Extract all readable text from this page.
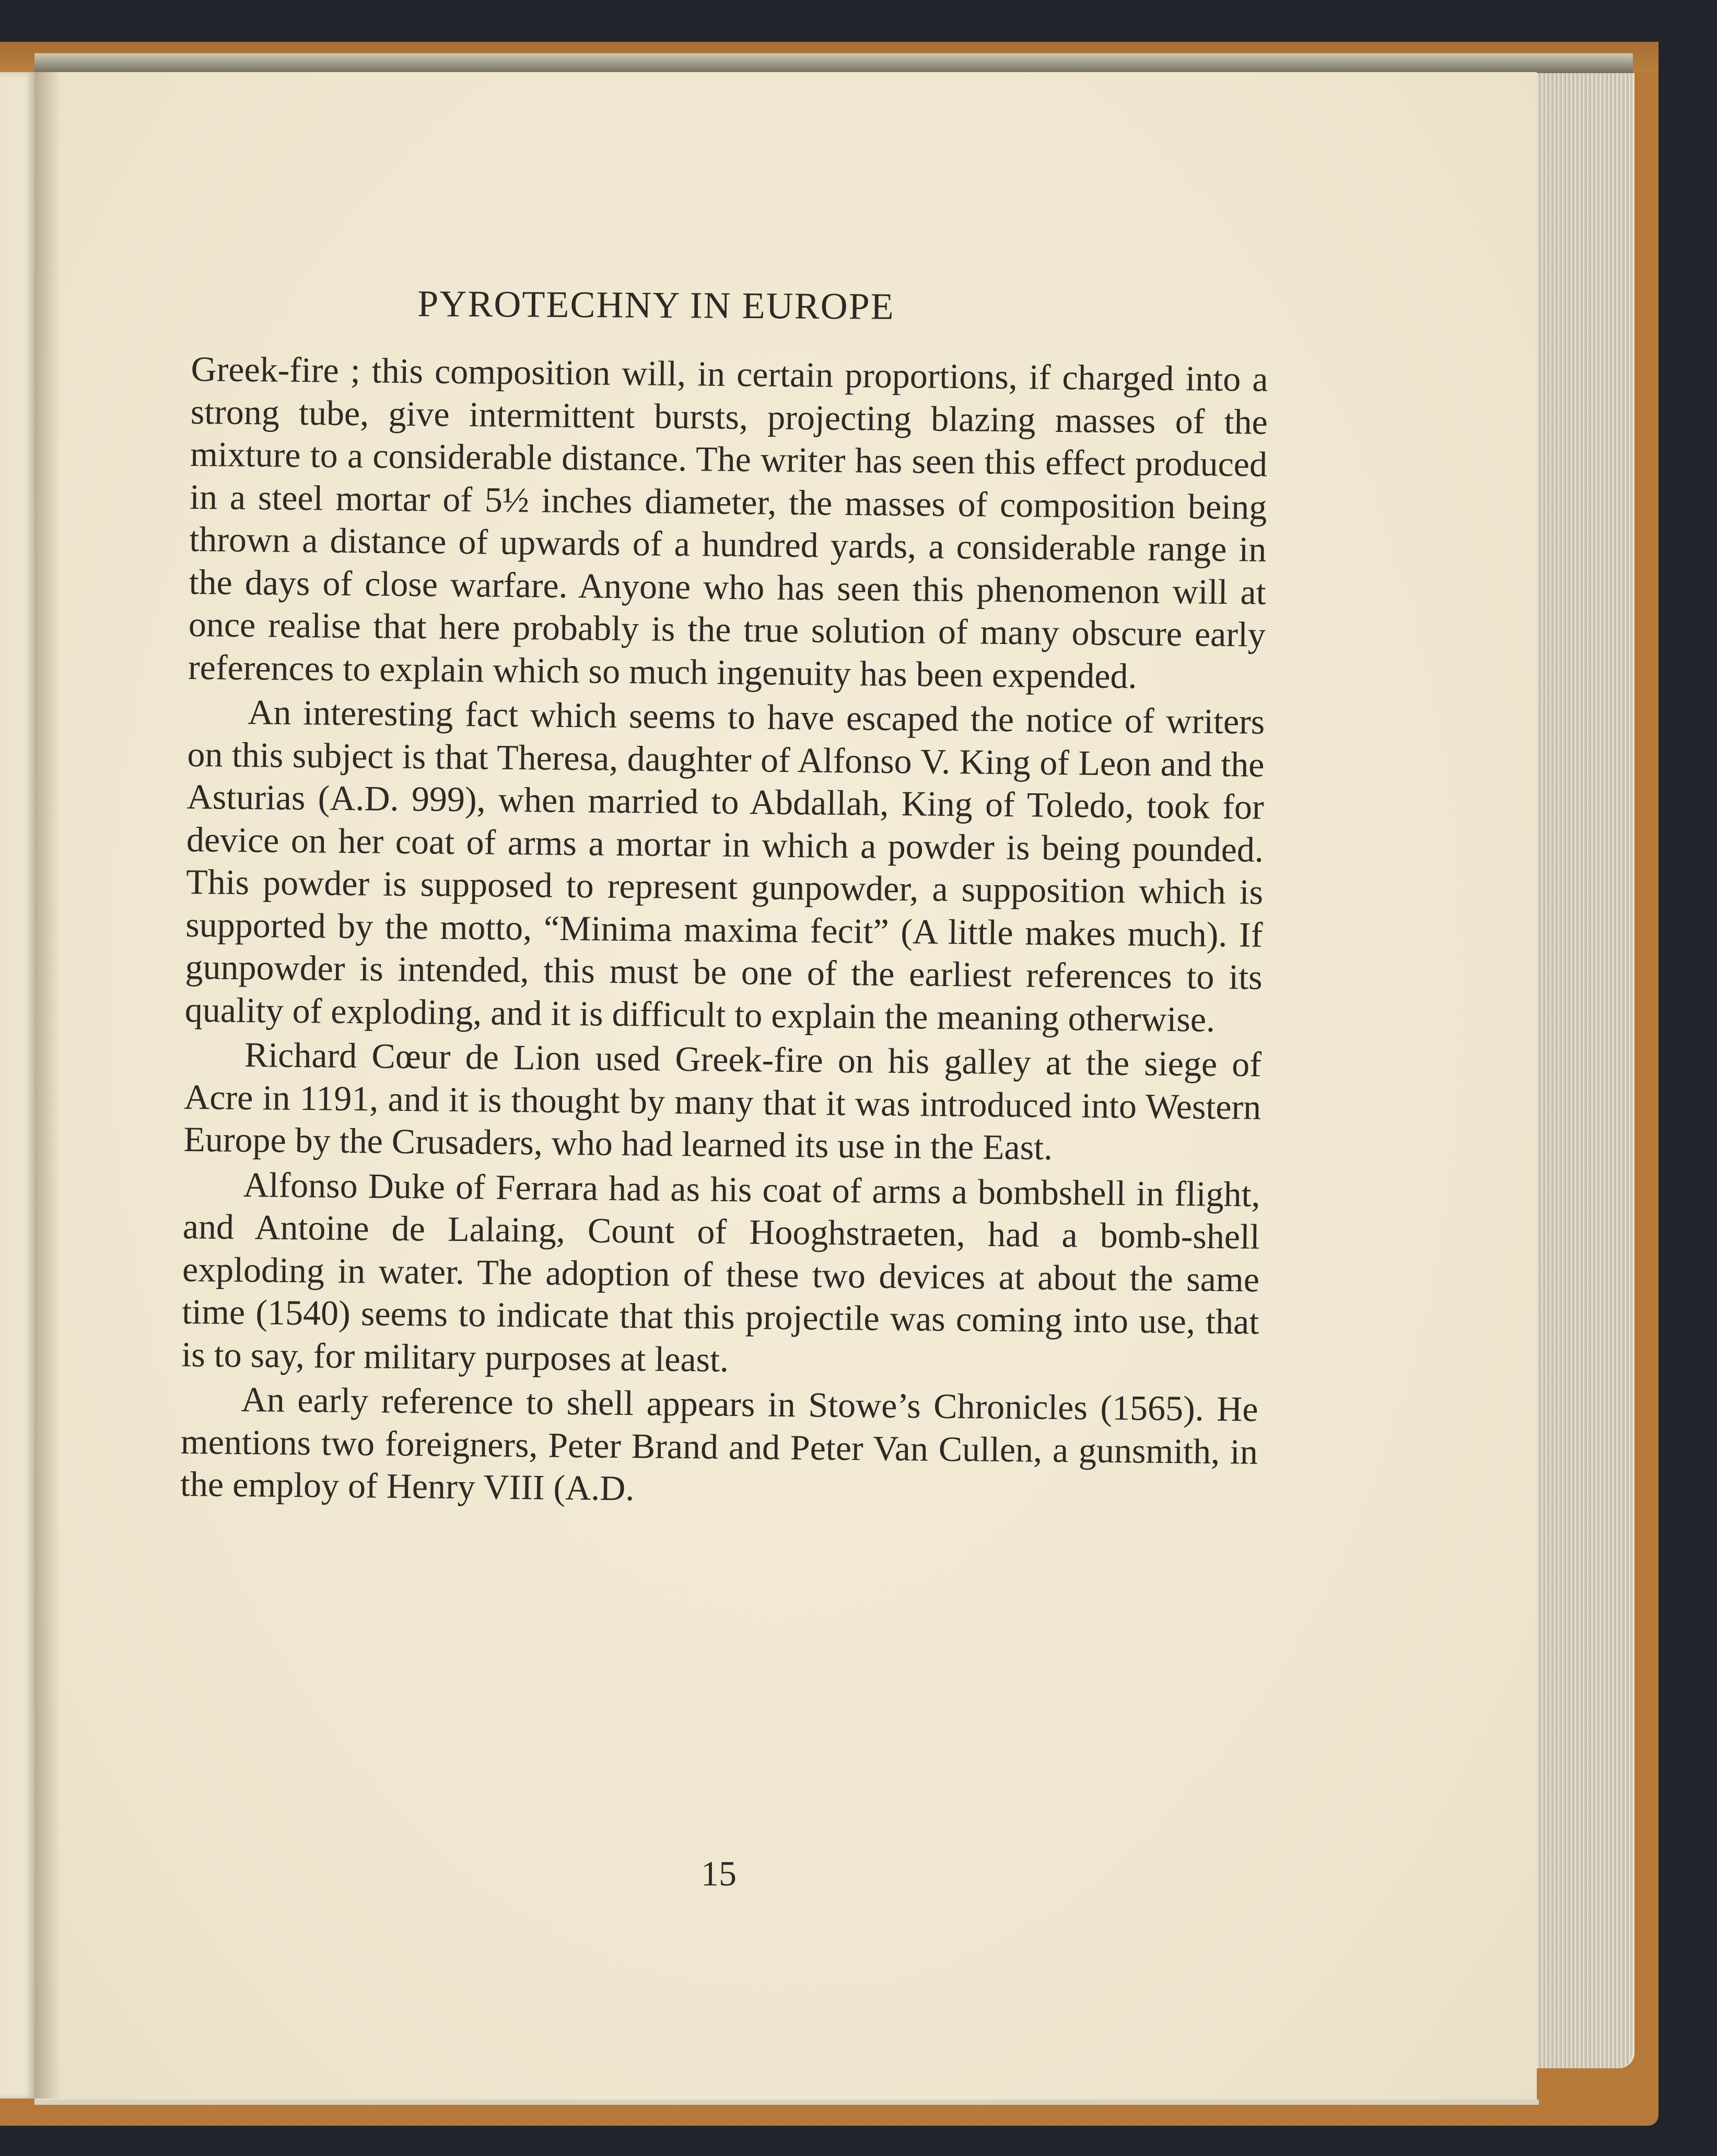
PYROTECHNY IN EUROPE

Greek-fire ; this composition will, in certain proportions, if charged into a strong tube, give intermittent bursts, projecting blazing masses of the mixture to a considerable distance. The writer has seen this effect produced in a steel mortar of 5½ inches diameter, the masses of composition being thrown a distance of upwards of a hundred yards, a considerable range in the days of close warfare. Anyone who has seen this phenomenon will at once realise that here probably is the true solution of many obscure early references to explain which so much ingenuity has been expended.

An interesting fact which seems to have escaped the notice of writers on this subject is that Theresa, daughter of Alfonso V. King of Leon and the Asturias (A.D. 999), when married to Abdallah, King of Toledo, took for device on her coat of arms a mortar in which a powder is being pounded. This powder is supposed to represent gunpowder, a supposition which is supported by the motto, “Minima maxima fecit” (A little makes much). If gunpowder is intended, this must be one of the earliest references to its quality of exploding, and it is difficult to explain the meaning otherwise.

Richard Cœur de Lion used Greek-fire on his galley at the siege of Acre in 1191, and it is thought by many that it was introduced into Western Europe by the Crusaders, who had learned its use in the East.

Alfonso Duke of Ferrara had as his coat of arms a bombshell in flight, and Antoine de Lalaing, Count of Hooghstraeten, had a bomb-shell exploding in water. The adoption of these two devices at about the same time (1540) seems to indicate that this projectile was coming into use, that is to say, for military purposes at least.

An early reference to shell appears in Stowe’s Chronicles (1565). He mentions two foreigners, Peter Brand and Peter Van Cullen, a gunsmith, in the employ of Henry VIII (A.D.

15
